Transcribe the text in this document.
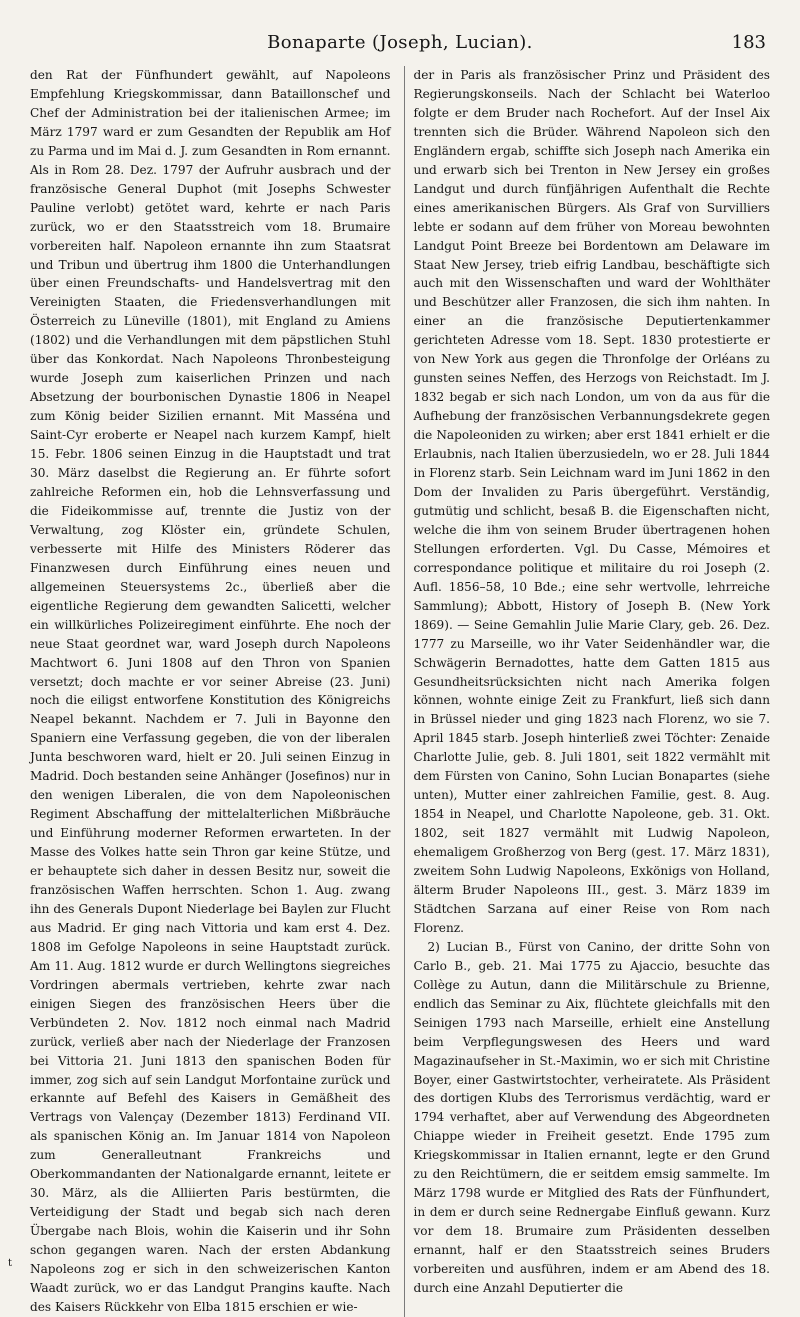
Bonaparte (Joseph, Lucian).	183

den Rat der Fünfhundert gewählt, auf Napoleons Empfehlung Kriegskommissar, dann Bataillonschef und Chef der Administration bei der italienischen Armee; im März 1797 ward er zum Gesandten der Republik am Hof zu Parma und im Mai d. J. zum Gesandten in Rom ernannt. Als in Rom 28. Dez. 1797 der Aufruhr ausbrach und der französische General Duphot (mit Josephs Schwester Pauline verlobt) getötet ward, kehrte er nach Paris zurück, wo er den Staatsstreich vom 18. Brumaire vorbereiten half. Napoleon ernannte ihn zum Staatsrat und Tribun und übertrug ihm 1800 die Unterhandlungen über einen Freundschafts- und Handelsvertrag mit den Vereinigten Staaten, die Friedensverhandlungen mit Österreich zu Lüneville (1801), mit England zu Amiens (1802) und die Verhandlungen mit dem päpstlichen Stuhl über das Konkordat. Nach Napoleons Thronbesteigung wurde Joseph zum kaiserlichen Prinzen und nach Absetzung der bourbonischen Dynastie 1806 in Neapel zum König beider Sizilien ernannt. Mit Masséna und Saint-Cyr eroberte er Neapel nach kurzem Kampf, hielt 15. Febr. 1806 seinen Einzug in die Hauptstadt und trat 30. März daselbst die Regierung an. Er führte sofort zahlreiche Reformen ein, hob die Lehnsverfassung und die Fideikommisse auf, trennte die Justiz von der Verwaltung, zog Klöster ein, gründete Schulen, verbesserte mit Hilfe des Ministers Röderer das Finanzwesen durch Einführung eines neuen und allgemeinen Steuersystems 2c., überließ aber die eigentliche Regierung dem gewandten Salicetti, welcher ein willkürliches Polizeiregiment einführte. Ehe noch der neue Staat geordnet war, ward Joseph durch Napoleons Machtwort 6. Juni 1808 auf den Thron von Spanien versetzt; doch machte er vor seiner Abreise (23. Juni) noch die eiligst entworfene Konstitution des Königreichs Neapel bekannt. Nachdem er 7. Juli in Bayonne den Spaniern eine Verfassung gegeben, die von der liberalen Junta beschworen ward, hielt er 20. Juli seinen Einzug in Madrid. Doch bestanden seine Anhänger (Josefinos) nur in den wenigen Liberalen, die von dem Napoleonischen Regiment Abschaffung der mittelalterlichen Mißbräuche und Einführung moderner Reformen erwarteten. In der Masse des Volkes hatte sein Thron gar keine Stütze, und er behauptete sich daher in dessen Besitz nur, soweit die französischen Waffen herrschten. Schon 1. Aug. zwang ihn des Generals Dupont Niederlage bei Baylen zur Flucht aus Madrid. Er ging nach Vittoria und kam erst 4. Dez. 1808 im Gefolge Napoleons in seine Hauptstadt zurück. Am 11. Aug. 1812 wurde er durch Wellingtons siegreiches Vordringen abermals vertrieben, kehrte zwar nach einigen Siegen des französischen Heers über die Verbündeten 2. Nov. 1812 noch einmal nach Madrid zurück, verließ aber nach der Niederlage der Franzosen bei Vittoria 21. Juni 1813 den spanischen Boden für immer, zog sich auf sein Landgut Morfontaine zurück und erkannte auf Befehl des Kaisers in Gemäßheit des Vertrags von Valençay (Dezember 1813) Ferdinand VII. als spanischen König an. Im Januar 1814 von Napoleon zum Generalleutnant Frankreichs und Oberkommandanten der Nationalgarde ernannt, leitete er 30. März, als die Alliierten Paris bestürmten, die Verteidigung der Stadt und begab sich nach deren Übergabe nach Blois, wohin die Kaiserin und ihr Sohn schon gegangen waren. Nach der ersten Abdankung Napoleons zog er sich in den schweizerischen Kanton Waadt zurück, wo er das Landgut Prangins kaufte. Nach des Kaisers Rückkehr von Elba 1815 erschien er wie-

der in Paris als französischer Prinz und Präsident des Regierungskonseils. Nach der Schlacht bei Waterloo folgte er dem Bruder nach Rochefort. Auf der Insel Aix trennten sich die Brüder. Während Napoleon sich den Engländern ergab, schiffte sich Joseph nach Amerika ein und erwarb sich bei Trenton in New Jersey ein großes Landgut und durch fünfjährigen Aufenthalt die Rechte eines amerikanischen Bürgers. Als Graf von Survilliers lebte er sodann auf dem früher von Moreau bewohnten Landgut Point Breeze bei Bordentown am Delaware im Staat New Jersey, trieb eifrig Landbau, beschäftigte sich auch mit den Wissenschaften und ward der Wohlthäter und Beschützer aller Franzosen, die sich ihm nahten. In einer an die französische Deputiertenkammer gerichteten Adresse vom 18. Sept. 1830 protestierte er von New York aus gegen die Thronfolge der Orléans zu gunsten seines Neffen, des Herzogs von Reichstadt. Im J. 1832 begab er sich nach London, um von da aus für die Aufhebung der französischen Verbannungsdekrete gegen die Napoleoniden zu wirken; aber erst 1841 erhielt er die Erlaubnis, nach Italien überzusiedeln, wo er 28. Juli 1844 in Florenz starb. Sein Leichnam ward im Juni 1862 in den Dom der Invaliden zu Paris übergeführt. Verständig, gutmütig und schlicht, besaß B. die Eigenschaften nicht, welche die ihm von seinem Bruder übertragenen hohen Stellungen erforderten. Vgl. Du Casse, Mémoires et correspondance politique et militaire du roi Joseph (2. Aufl. 1856–58, 10 Bde.; eine sehr wertvolle, lehrreiche Sammlung); Abbott, History of Joseph B. (New York 1869). — Seine Gemahlin Julie Marie Clary, geb. 26. Dez. 1777 zu Marseille, wo ihr Vater Seidenhändler war, die Schwägerin Bernadottes, hatte dem Gatten 1815 aus Gesundheitsrücksichten nicht nach Amerika folgen können, wohnte einige Zeit zu Frankfurt, ließ sich dann in Brüssel nieder und ging 1823 nach Florenz, wo sie 7. April 1845 starb. Joseph hinterließ zwei Töchter: Zenaide Charlotte Julie, geb. 8. Juli 1801, seit 1822 vermählt mit dem Fürsten von Canino, Sohn Lucian Bonapartes (siehe unten), Mutter einer zahlreichen Familie, gest. 8. Aug. 1854 in Neapel, und Charlotte Napoleone, geb. 31. Okt. 1802, seit 1827 vermählt mit Ludwig Napoleon, ehemaligem Großherzog von Berg (gest. 17. März 1831), zweitem Sohn Ludwig Napoleons, Exkönigs von Holland, älterm Bruder Napoleons III., gest. 3. März 1839 im Städtchen Sarzana auf einer Reise von Rom nach Florenz.

2) Lucian B., Fürst von Canino, der dritte Sohn von Carlo B., geb. 21. Mai 1775 zu Ajaccio, besuchte das Collège zu Autun, dann die Militärschule zu Brienne, endlich das Seminar zu Aix, flüchtete gleichfalls mit den Seinigen 1793 nach Marseille, erhielt eine Anstellung beim Verpflegungswesen des Heers und ward Magazinaufseher in St.-Maximin, wo er sich mit Christine Boyer, einer Gastwirtstochter, verheiratete. Als Präsident des dortigen Klubs des Terrorismus verdächtig, ward er 1794 verhaftet, aber auf Verwendung des Abgeordneten Chiappe wieder in Freiheit gesetzt. Ende 1795 zum Kriegskommissar in Italien ernannt, legte er den Grund zu den Reichtümern, die er seitdem emsig sammelte. Im März 1798 wurde er Mitglied des Rats der Fünfhundert, in dem er durch seine Rednergabe Einfluß gewann. Kurz vor dem 18. Brumaire zum Präsidenten desselben ernannt, half er den Staatsstreich seines Bruders vorbereiten und ausführen, indem er am Abend des 18. durch eine Anzahl Deputierter die

t
